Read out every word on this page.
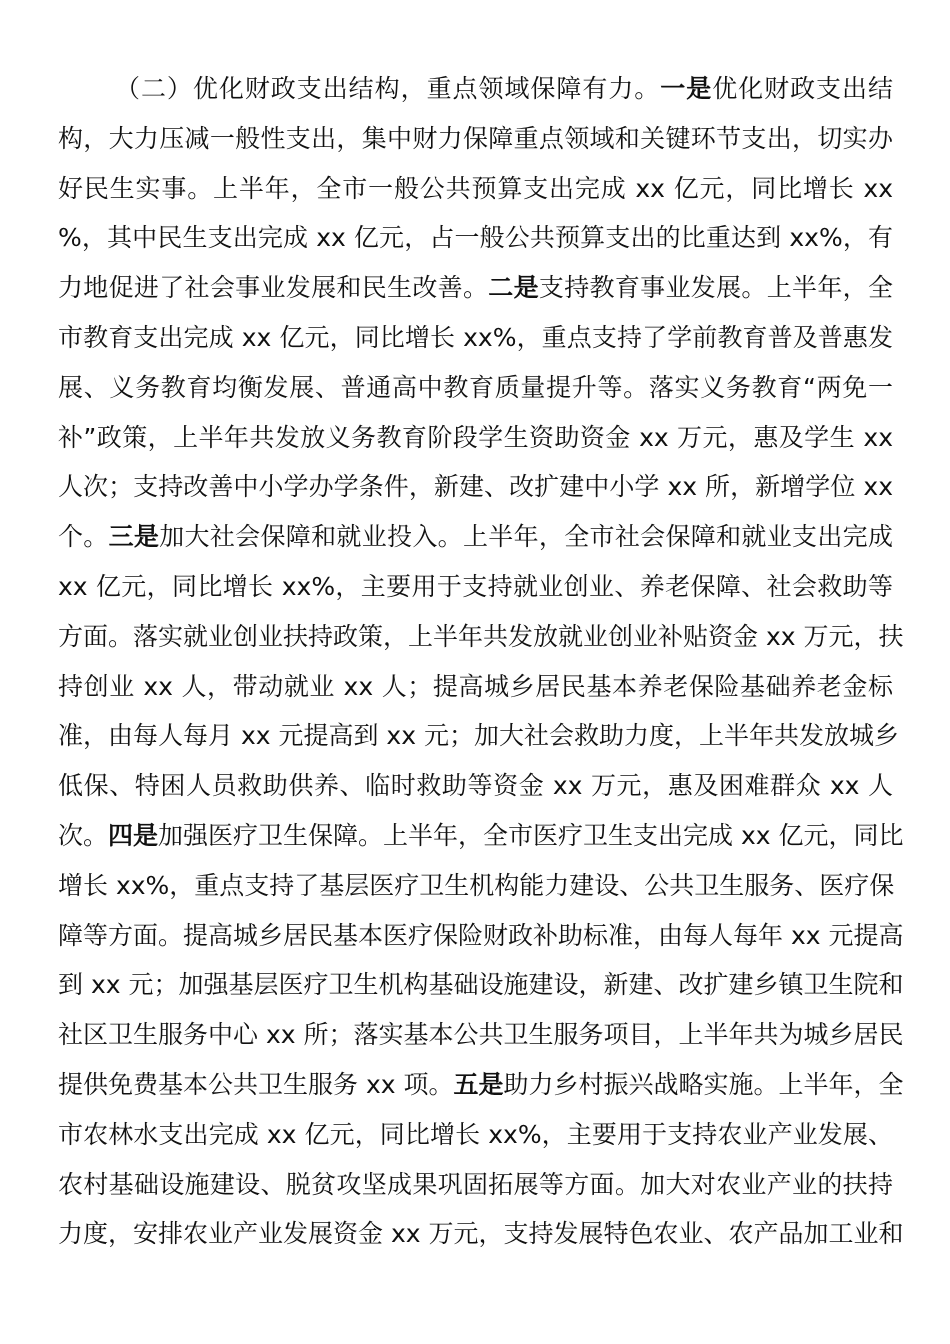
（二）优化财政支出结构，重点领域保障有力。一是优化财政支出结
构，大力压减一般性支出，集中财力保障重点领域和关键环节支出，切实办
好民生实事。上半年，全市一般公共预算支出完成 xx 亿元，同比增长 xx
%，其中民生支出完成 xx 亿元，占一般公共预算支出的比重达到 xx%，有
力地促进了社会事业发展和民生改善。二是支持教育事业发展。上半年，全
市教育支出完成 xx 亿元，同比增长 xx%，重点支持了学前教育普及普惠发
展、义务教育均衡发展、普通高中教育质量提升等。落实义务教育“两免一
补”政策，上半年共发放义务教育阶段学生资助资金 xx 万元，惠及学生 xx
人次；支持改善中小学办学条件，新建、改扩建中小学 xx 所，新增学位 xx
个。三是加大社会保障和就业投入。上半年，全市社会保障和就业支出完成
xx 亿元，同比增长 xx%，主要用于支持就业创业、养老保障、社会救助等
方面。落实就业创业扶持政策，上半年共发放就业创业补贴资金 xx 万元，扶
持创业 xx 人，带动就业 xx 人；提高城乡居民基本养老保险基础养老金标
准，由每人每月 xx 元提高到 xx 元；加大社会救助力度，上半年共发放城乡
低保、特困人员救助供养、临时救助等资金 xx 万元，惠及困难群众 xx 人
次。四是加强医疗卫生保障。上半年，全市医疗卫生支出完成 xx 亿元，同比
增长 xx%，重点支持了基层医疗卫生机构能力建设、公共卫生服务、医疗保
障等方面。提高城乡居民基本医疗保险财政补助标准，由每人每年 xx 元提高
到 xx 元；加强基层医疗卫生机构基础设施建设，新建、改扩建乡镇卫生院和
社区卫生服务中心 xx 所；落实基本公共卫生服务项目，上半年共为城乡居民
提供免费基本公共卫生服务 xx 项。五是助力乡村振兴战略实施。上半年，全
市农林水支出完成 xx 亿元，同比增长 xx%，主要用于支持农业产业发展、
农村基础设施建设、脱贫攻坚成果巩固拓展等方面。加大对农业产业的扶持
力度，安排农业产业发展资金 xx 万元，支持发展特色农业、农产品加工业和
